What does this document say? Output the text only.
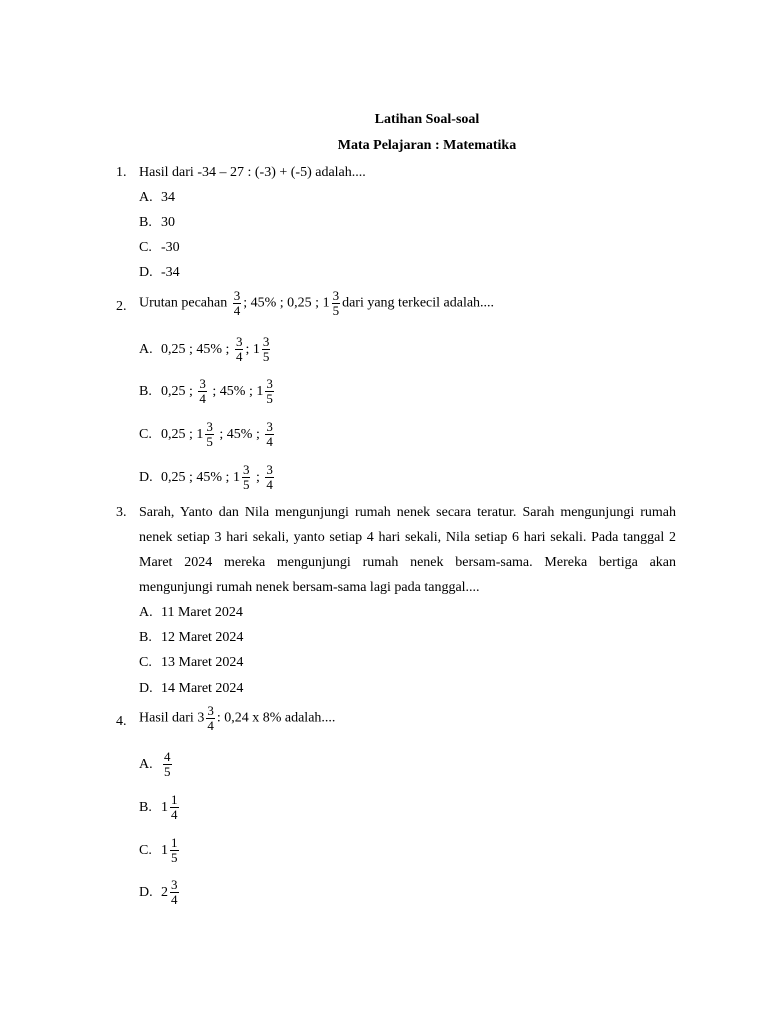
Latihan Soal-soal
Mata Pelajaran : Matematika
1. Hasil dari -34 – 27 : (-3) + (-5) adalah....
A. 34
B. 30
C. -30
D. -34
2. Urutan pecahan $\frac{3}{4}$ ; 45% ; 0,25 ; $1 \frac{3}{5}$ dari yang terkecil adalah....
A. 0,25 ; 45% ; $\frac{3}{4}$ ; $1 \frac{3}{5}$
B. 0,25 ; $\frac{3}{4}$ ; 45% ; $1 \frac{3}{5}$
C. 0,25 ; $1 \frac{3}{5}$ ; 45% ; $\frac{3}{4}$
D. 0,25 ; 45% ; $1 \frac{3}{5}$ ; $\frac{3}{4}$
3. Sarah, Yanto dan Nila mengunjungi rumah nenek secara teratur. Sarah mengunjungi rumah nenek setiap 3 hari sekali, yanto setiap 4 hari sekali, Nila setiap 6 hari sekali. Pada tanggal 2 Maret 2024 mereka mengunjungi rumah nenek bersam-sama. Mereka bertiga akan mengunjungi rumah nenek bersam-sama lagi pada tanggal....
A. 11 Maret 2024
B. 12 Maret 2024
C. 13 Maret 2024
D. 14 Maret 2024
4. Hasil dari $3 \frac{3}{4}$ : 0,24 x 8% adalah....
A. $\frac{4}{5}$
B. $1 \frac{1}{4}$
C. $1 \frac{1}{5}$
D. $2 \frac{3}{4}$
